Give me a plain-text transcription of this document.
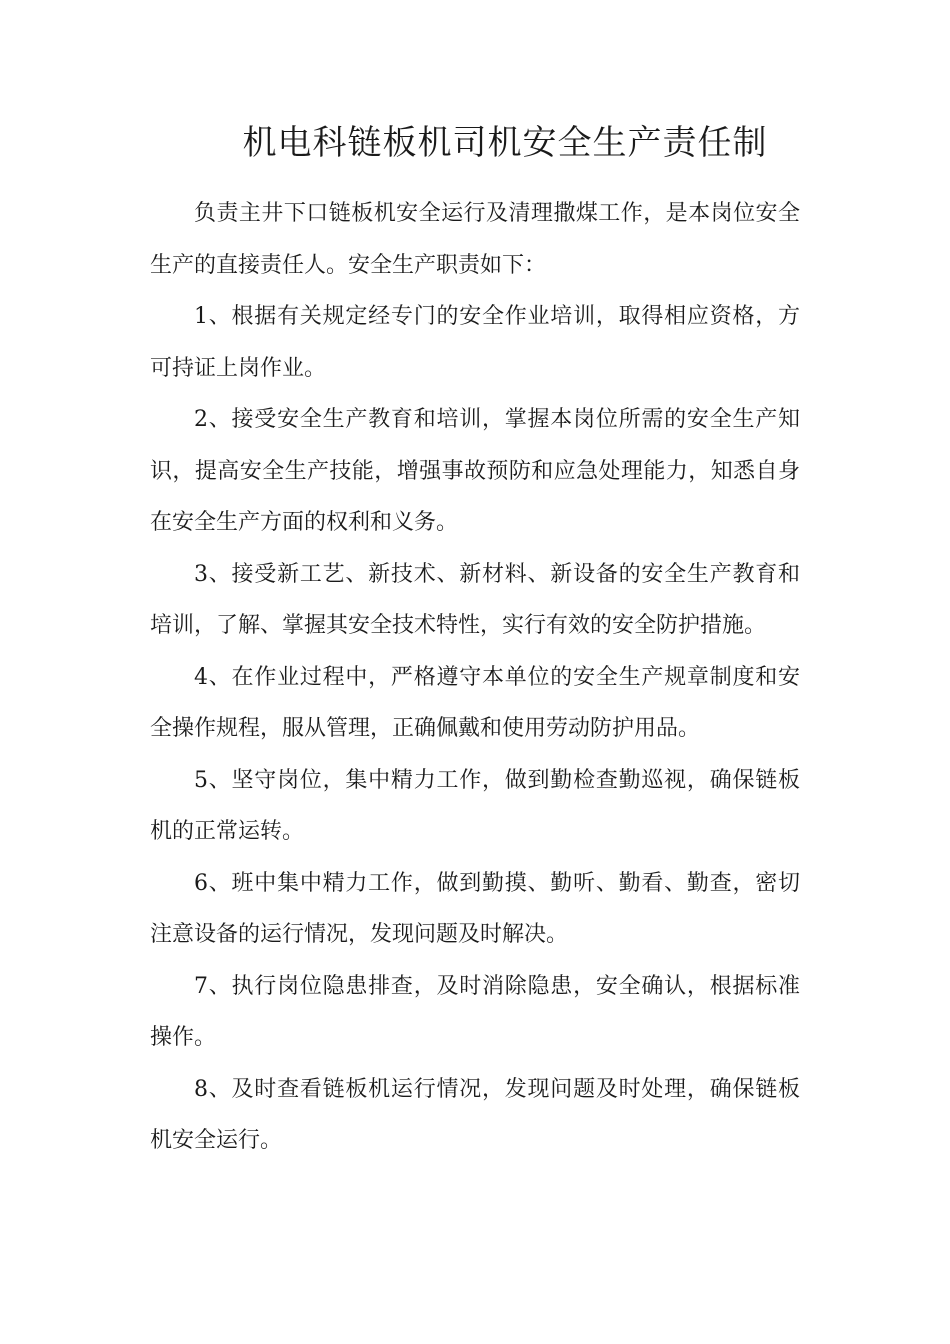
机电科链板机司机安全生产责任制

负责主井下口链板机安全运行及清理撒煤工作，是本岗位安全生产的直接责任人。安全生产职责如下：

1、根据有关规定经专门的安全作业培训，取得相应资格，方可持证上岗作业。

2、接受安全生产教育和培训，掌握本岗位所需的安全生产知识，提高安全生产技能，增强事故预防和应急处理能力，知悉自身在安全生产方面的权利和义务。

3、接受新工艺、新技术、新材料、新设备的安全生产教育和培训，了解、掌握其安全技术特性，实行有效的安全防护措施。

4、在作业过程中，严格遵守本单位的安全生产规章制度和安全操作规程，服从管理，正确佩戴和使用劳动防护用品。

5、坚守岗位，集中精力工作，做到勤检查勤巡视，确保链板机的正常运转。

6、班中集中精力工作，做到勤摸、勤听、勤看、勤查，密切注意设备的运行情况，发现问题及时解决。

7、执行岗位隐患排查，及时消除隐患，安全确认，根据标准操作。

8、及时查看链板机运行情况，发现问题及时处理，确保链板机安全运行。
